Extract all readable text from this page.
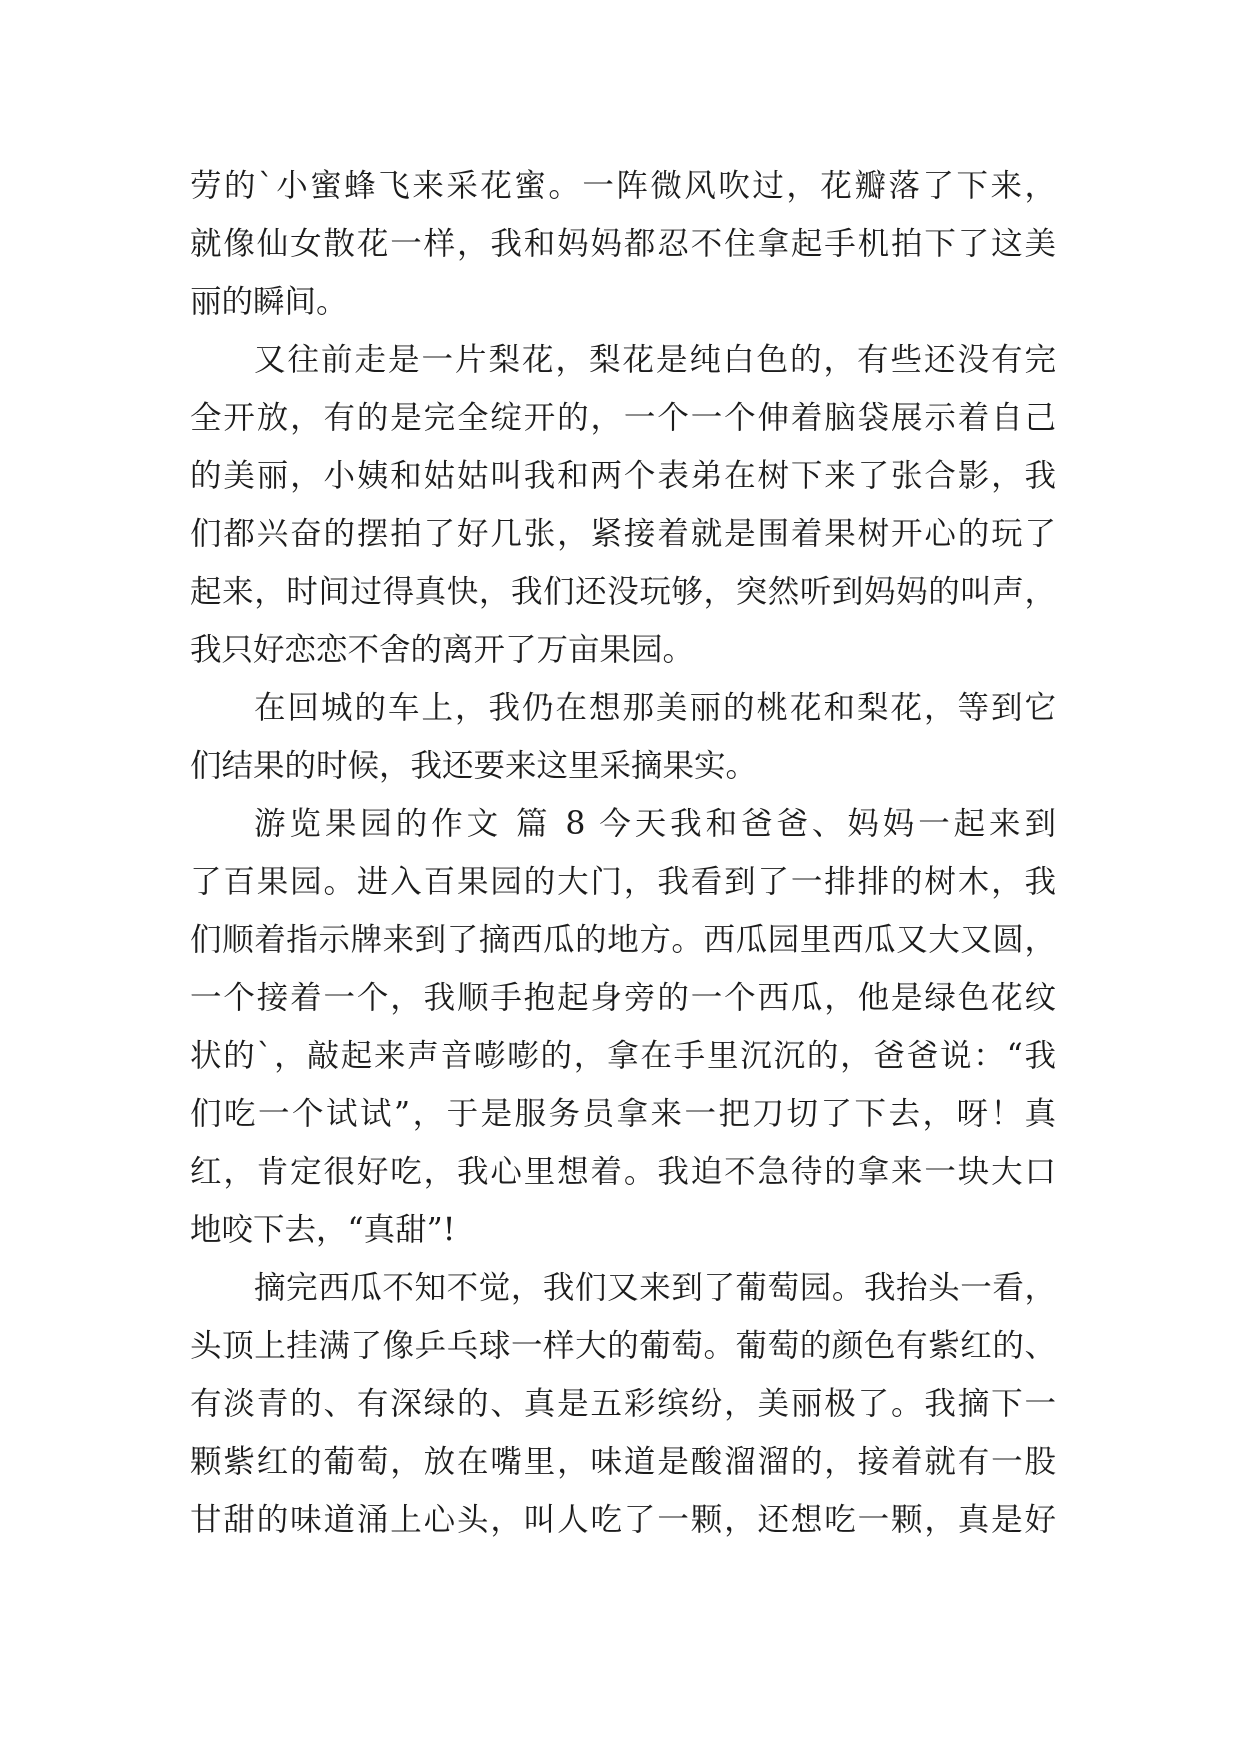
劳的`小蜜蜂飞来采花蜜。一阵微风吹过，花瓣落了下来，
就像仙女散花一样，我和妈妈都忍不住拿起手机拍下了这美
丽的瞬间。
又往前走是一片梨花，梨花是纯白色的，有些还没有完
全开放，有的是完全绽开的，一个一个伸着脑袋展示着自己
的美丽，小姨和姑姑叫我和两个表弟在树下来了张合影，我
们都兴奋的摆拍了好几张，紧接着就是围着果树开心的玩了
起来，时间过得真快，我们还没玩够，突然听到妈妈的叫声，
我只好恋恋不舍的离开了万亩果园。
在回城的车上，我仍在想那美丽的桃花和梨花，等到它
们结果的时候，我还要来这里采摘果实。
游览果园的作文 篇 8 今天我和爸爸、妈妈一起来到
了百果园。进入百果园的大门，我看到了一排排的树木，我
们顺着指示牌来到了摘西瓜的地方。西瓜园里西瓜又大又圆，
一个接着一个，我顺手抱起身旁的一个西瓜，他是绿色花纹
状的`，敲起来声音嘭嘭的，拿在手里沉沉的，爸爸说：“我
们吃一个试试”，于是服务员拿来一把刀切了下去，呀！真
红，肯定很好吃，我心里想着。我迫不急待的拿来一块大口
地咬下去，“真甜”!
摘完西瓜不知不觉，我们又来到了葡萄园。我抬头一看，
头顶上挂满了像乒乓球一样大的葡萄。葡萄的颜色有紫红的、
有淡青的、有深绿的、真是五彩缤纷，美丽极了。我摘下一
颗紫红的葡萄，放在嘴里，味道是酸溜溜的，接着就有一股
甘甜的味道涌上心头，叫人吃了一颗，还想吃一颗，真是好
